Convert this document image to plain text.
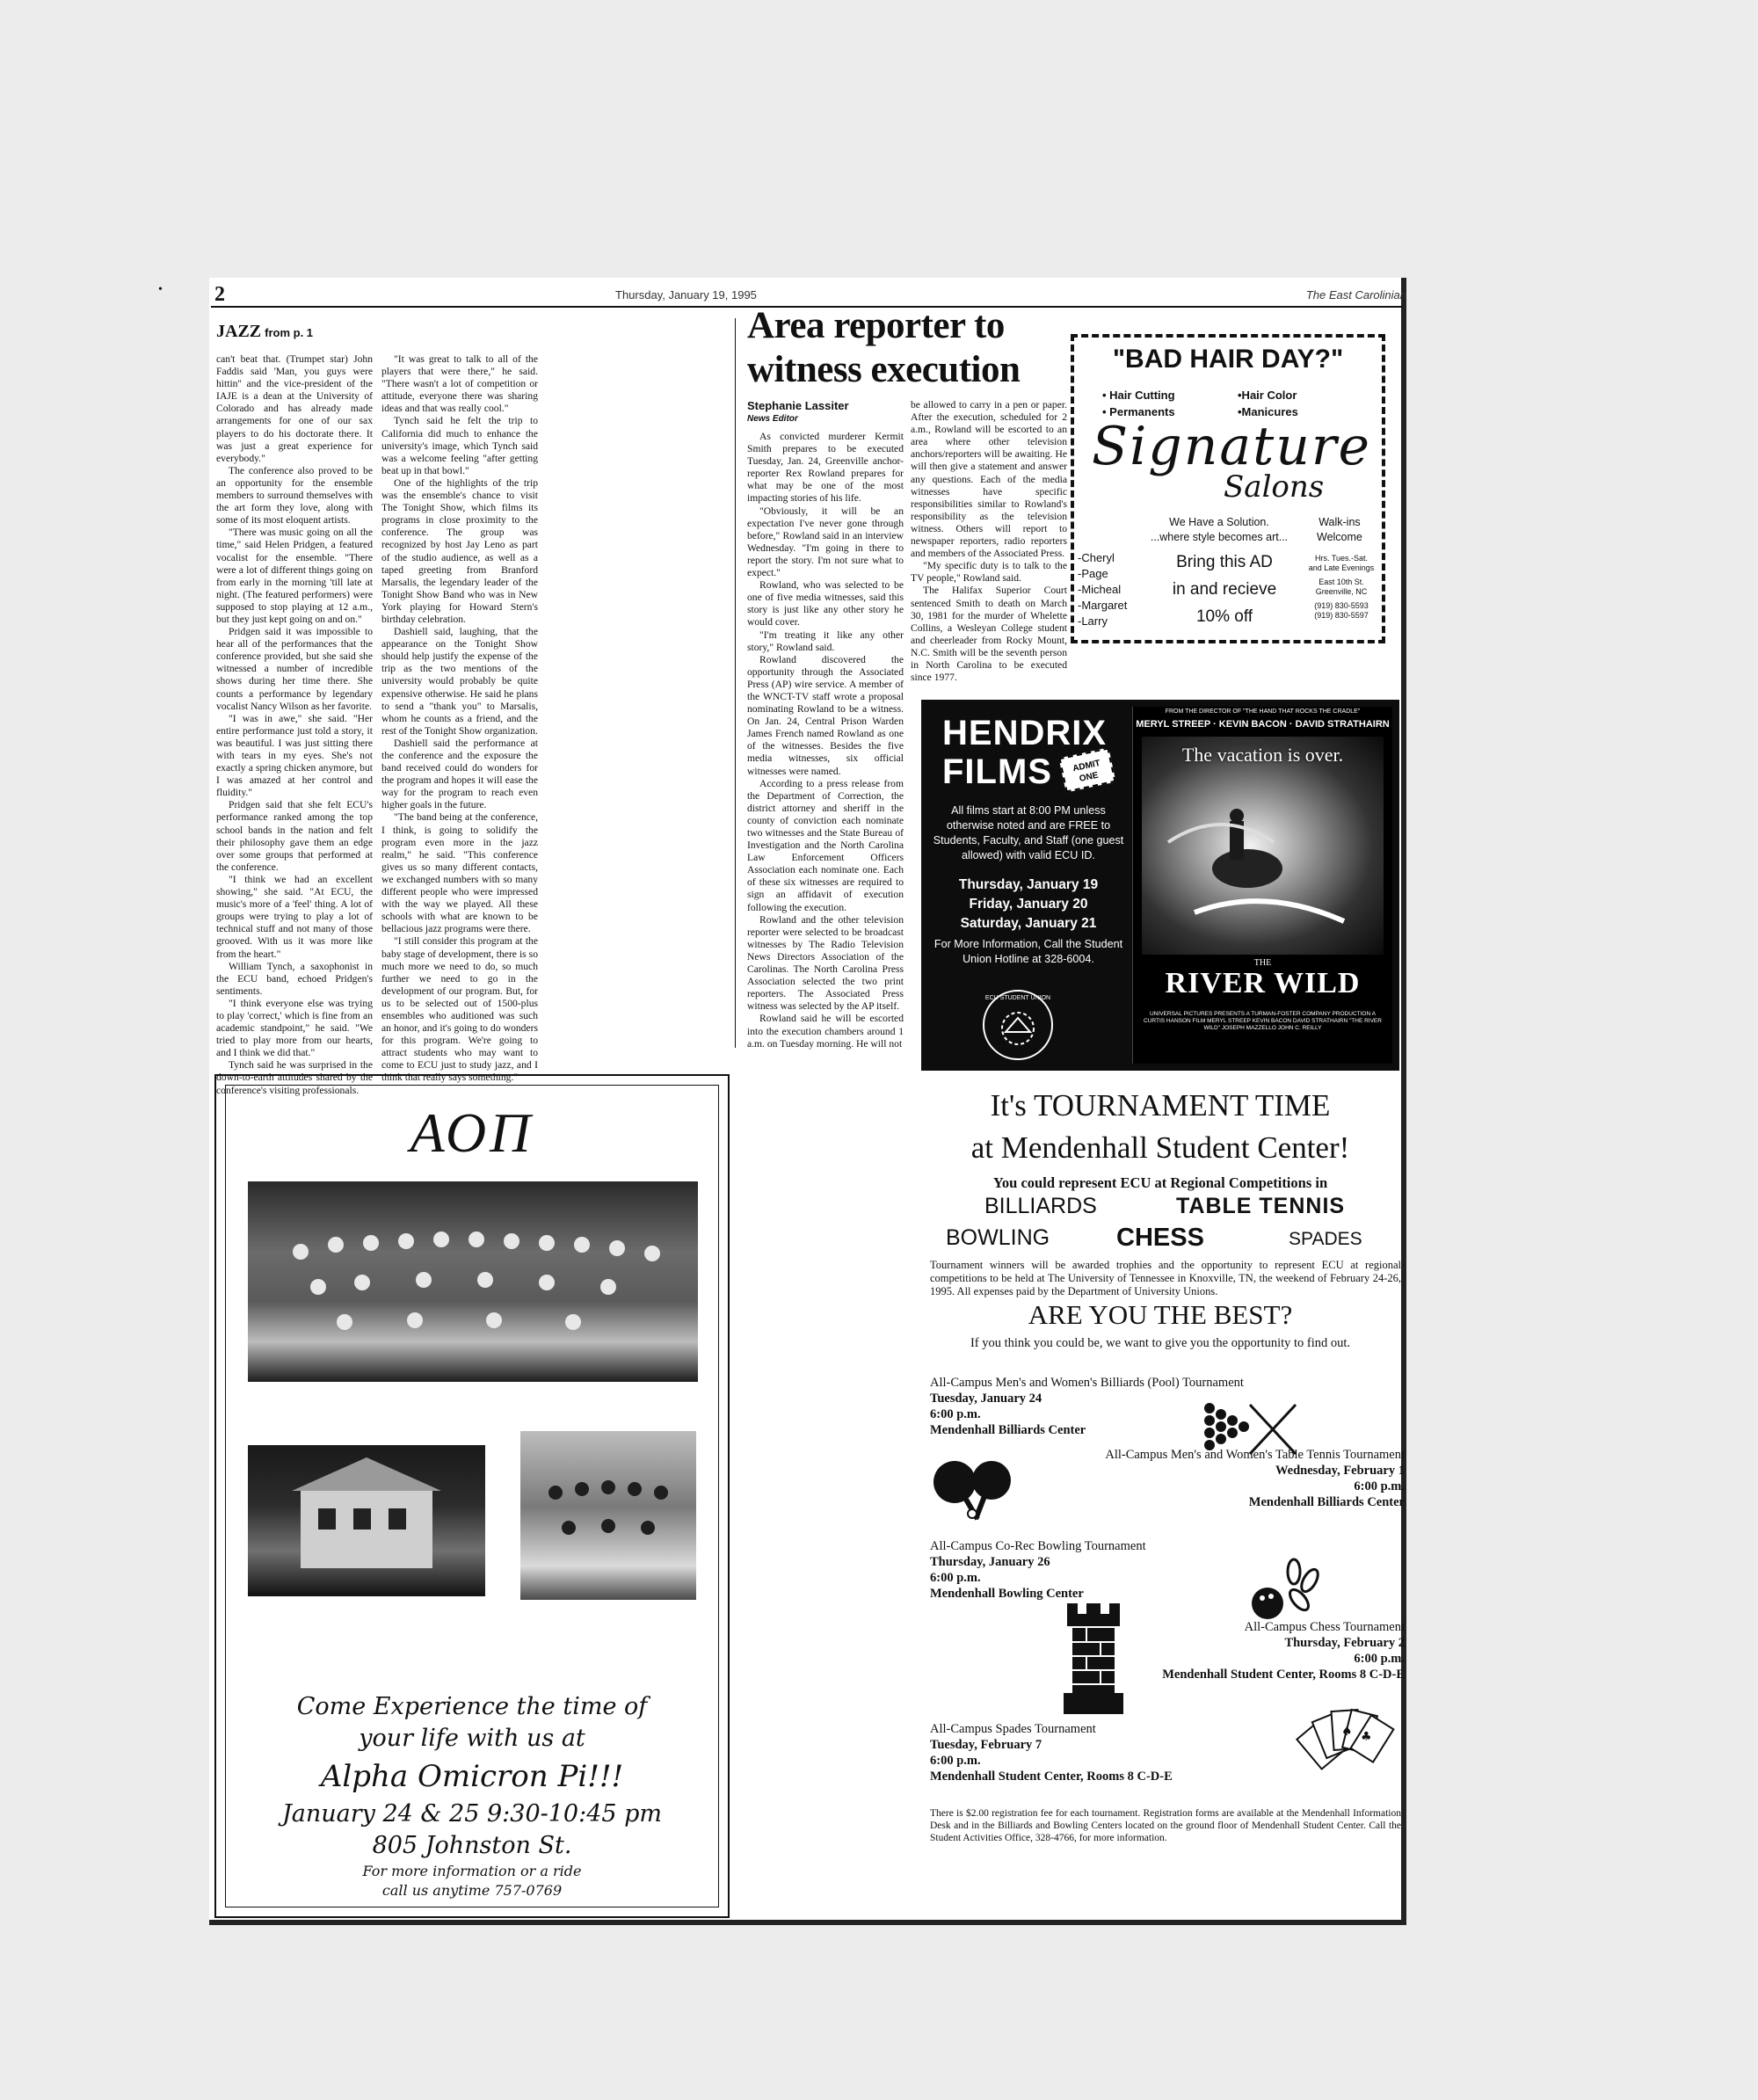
• 2	Thursday, January 19, 1995	The East Carolinian
JAZZ from p. 1

can't beat that. (Trumpet star) John Faddis said 'Man, you guys were hittin'' and the vice-president of the IAJE is a dean at the University of Colorado and has already made arrangements for one of our sax players to do his doctorate there. It was just a great experience for everybody."

The conference also proved to be an opportunity for the ensemble members to surround themselves with the art form they love, along with some of its most eloquent artists.

"There was music going on all the time," said Helen Pridgen, a featured vocalist for the ensemble. "There were a lot of different things going on from early in the morning 'till late at night. (The featured performers) were supposed to stop playing at 12 a.m., but they just kept going on and on."

Pridgen said it was impossible to hear all of the performances that the conference provided, but she said she witnessed a number of incredible shows during her time there. She counts a performance by legendary vocalist Nancy Wilson as her favorite.

"I was in awe," she said. "Her entire performance just told a story, it was beautiful. I was just sitting there with tears in my eyes. She's not exactly a spring chicken anymore, but I was amazed at her control and fluidity."

Pridgen said that she felt ECU's performance ranked among the top school bands in the nation and felt their philosophy gave them an edge over some groups that performed at the conference.

"I think we had an excellent showing," she said. "At ECU, the music's more of a 'feel' thing. A lot of groups were trying to play a lot of technical stuff and not many of those grooved. With us it was more like from the heart."

William Tynch, a saxophonist in the ECU band, echoed Pridgen's sentiments.

"I think everyone else was trying to play 'correct,' which is fine from an academic standpoint," he said. "We tried to play more from our hearts, and I think we did that."

Tynch said he was surprised in the down-to-earth attitudes shared by the conference's visiting professionals.

"It was great to talk to all of the players that were there," he said. "There wasn't a lot of competition or attitude, everyone there was sharing ideas and that was really cool."

Tynch said he felt the trip to California did much to enhance the university's image, which Tynch said was a welcome feeling "after getting beat up in that bowl."

One of the highlights of the trip was the ensemble's chance to visit The Tonight Show, which films its programs in close proximity to the conference. The group was recognized by host Jay Leno as part of the studio audience, as well as a taped greeting from Branford Marsalis, the legendary leader of the Tonight Show Band who was in New York playing for Howard Stern's birthday celebration.

Dashiell said, laughing, that the appearance on the Tonight Show should help justify the expense of the trip as the two mentions of the university would probably be quite expensive otherwise. He said he plans to send a "thank you" to Marsalis, whom he counts as a friend, and the rest of the Tonight Show organization.

Dashiell said the performance at the conference and the exposure the band received could do wonders for the program and hopes it will ease the way for the program to reach even higher goals in the future.

"The band being at the conference, I think, is going to solidify the program even more in the jazz realm," he said. "This conference gives us so many different contacts, we exchanged numbers with so many different people who were impressed with the way we played. All these schools with what are known to be bellacious jazz programs were there.

"I still consider this program at the baby stage of development, there is so much more we need to do, so much further we need to go in the development of our program. But, for us to be selected out of 1500-plus ensembles who auditioned was such an honor, and it's going to do wonders for this program. We're going to attract students who may want to come to ECU just to study jazz, and I think that really says something."

Area reporter to
witness execution
Stephanie Lassiter
News Editor

As convicted murderer Kermit Smith prepares to be executed Tuesday, Jan. 24, Greenville anchor-reporter Rex Rowland prepares for what may be one of the most impacting stories of his life.

"Obviously, it will be an expectation I've never gone through before," Rowland said in an interview Wednesday. "I'm going in there to report the story. I'm not sure what to expect."

Rowland, who was selected to be one of five media witnesses, said this story is just like any other story he would cover.

"I'm treating it like any other story," Rowland said.

Rowland discovered the opportunity through the Associated Press (AP) wire service. A member of the WNCT-TV staff wrote a proposal nominating Rowland to be a witness. On Jan. 24, Central Prison Warden James French named Rowland as one of the witnesses. Besides the five media witnesses, six official witnesses were named.

According to a press release from the Department of Correction, the district attorney and sheriff in the county of conviction each nominate two witnesses and the State Bureau of Investigation and the North Carolina Law Enforcement Officers Association each nominate one. Each of these six witnesses are required to sign an affidavit of execution following the execution.

Rowland and the other television reporter were selected to be broadcast witnesses by The Radio Television News Directors Association of the Carolinas. The North Carolina Press Association selected the two print reporters. The Associated Press witness was selected by the AP itself.

Rowland said he will be escorted into the execution chambers around 1 a.m. on Tuesday morning. He will not

be allowed to carry in a pen or paper. After the execution, scheduled for 2 a.m., Rowland will be escorted to an area where other television anchors/reporters will be awaiting. He will then give a statement and answer any questions. Each of the media witnesses have specific responsibilities similar to Rowland's responsibility as the television witness. Others will report to newspaper reporters, radio reporters and members of the Associated Press.

"My specific duty is to talk to the TV people," Rowland said.

The Halifax Superior Court sentenced Smith to death on March 30, 1981 for the murder of Whelette Collins, a Wesleyan College student and cheerleader from Rocky Mount, N.C. Smith will be the seventh person in North Carolina to be executed since 1977.

"BAD HAIR DAY?"
• Hair Cutting
• Permanents
•Hair Color
•Manicures
Signature
Salons
We Have a Solution.
...where style becomes art...
Walk-ins
Welcome
-Cheryl
-Page
-Micheal
-Margaret
-Larry
Bring this AD
in and recieve
10% off
Hrs. Tues.-Sat.
and Late Evenings
East 10th St.
Greenville, NC
(919) 830-5593
(919) 830-5597
HENDRIX
FILMS	ADMIT
ONE
All films start at 8:00 PM unless otherwise noted and are FREE to Students, Faculty, and Staff (one guest allowed) with valid ECU ID.
Thursday, January 19
Friday, January 20
Saturday, January 21
For More Information, Call the Student Union Hotline at 328-6004.
ECU STUDENT UNION
FROM THE DIRECTOR OF "THE HAND THAT ROCKS THE CRADLE"
MERYL STREEP · KEVIN BACON · DAVID STRATHAIRN
The vacation is over.
THE
RIVER WILD
UNIVERSAL PICTURES PRESENTS A TURMAN-FOSTER COMPANY PRODUCTION A CURTIS HANSON FILM MERYL STREEP KEVIN BACON DAVID STRATHAIRN "THE RIVER WILD" JOSEPH MAZZELLO JOHN C. REILLY
ΑΟΠ
Come Experience the time of
your life with us at
Alpha Omicron Pi!!!
January 24 & 25 9:30-10:45 pm
805 Johnston St.
For more information or a ride
call us anytime 757-0769
It's TOURNAMENT TIME
at Mendenhall Student Center!
You could represent ECU at Regional Competitions in
BILLIARDS	TABLE TENNIS
BOWLING	CHESS	SPADES
Tournament winners will be awarded trophies and the opportunity to represent ECU at regional competitions to be held at The University of Tennessee in Knoxville, TN, the weekend of February 24-26, 1995. All expenses paid by the Department of University Unions.
ARE YOU THE BEST?
If you think you could be, we want to give you the opportunity to find out.
All-Campus Men's and Women's Billiards (Pool) Tournament
Tuesday, January 24
6:00 p.m.
Mendenhall Billiards Center
All-Campus Men's and Women's Table Tennis Tournament
Wednesday, February 1
6:00 p.m.
Mendenhall Billiards Center
All-Campus Co-Rec Bowling Tournament
Thursday, January 26
6:00 p.m.
Mendenhall Bowling Center
All-Campus Chess Tournament
Thursday, February 2
6:00 p.m.
Mendenhall Student Center, Rooms 8 C-D-E
All-Campus Spades Tournament
Tuesday, February 7
6:00 p.m.
Mendenhall Student Center, Rooms 8 C-D-E
♠ ♣
There is $2.00 registration fee for each tournament. Registration forms are available at the Mendenhall Information Desk and in the Billiards and Bowling Centers located on the ground floor of Mendenhall Student Center. Call the Student Activities Office, 328-4766, for more information.
